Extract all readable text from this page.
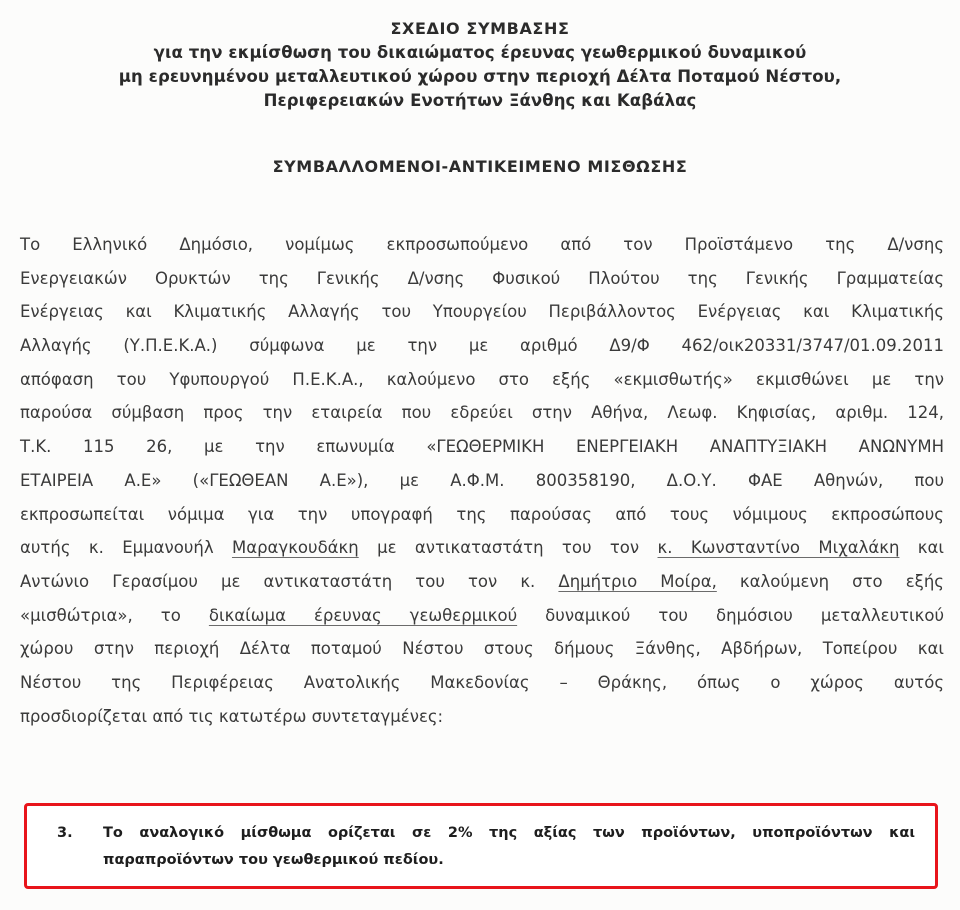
ΣΧΕΔΙΟ ΣΥΜΒΑΣΗΣ
για την εκμίσθωση του δικαιώματος έρευνας γεωθερμικού δυναμικού
μη ερευνημένου μεταλλευτικού χώρου στην περιοχή Δέλτα Ποταμού Νέστου,
Περιφερειακών Ενοτήτων Ξάνθης και Καβάλας
ΣΥΜΒΑΛΛΟΜΕΝΟΙ-ΑΝΤΙΚΕΙΜΕΝΟ ΜΙΣΘΩΣΗΣ
Το Ελληνικό Δημόσιο, νομίμως εκπροσωπούμενο από τον Προϊστάμενο της Δ/νσης
Ενεργειακών Ορυκτών της Γενικής Δ/νσης Φυσικού Πλούτου της Γενικής Γραμματείας
Ενέργειας και Κλιματικής Αλλαγής του Υπουργείου Περιβάλλοντος Ενέργειας και Κλιματικής
Αλλαγής (Υ.Π.Ε.Κ.Α.) σύμφωνα με την με αριθμό Δ9/Φ 462/οικ20331/3747/01.09.2011
απόφαση του Υφυπουργού Π.Ε.Κ.Α., καλούμενο στο εξής «εκμισθωτής» εκμισθώνει με την
παρούσα σύμβαση προς την εταιρεία που εδρεύει στην Αθήνα, Λεωφ. Κηφισίας, αριθμ. 124,
Τ.Κ. 115 26, με την επωνυμία «ΓΕΩΘΕΡΜΙΚΗ ΕΝΕΡΓΕΙΑΚΗ ΑΝΑΠΤΥΞΙΑΚΗ ΑΝΩΝΥΜΗ
ΕΤΑΙΡΕΙΑ Α.Ε» («ΓΕΩΘΕΑΝ Α.Ε»), με Α.Φ.Μ. 800358190, Δ.Ο.Υ. ΦΑΕ Αθηνών, που
εκπροσωπείται νόμιμα για την υπογραφή της παρούσας από τους νόμιμους εκπροσώπους
αυτής κ. Εμμανουήλ Μαραγκουδάκη με αντικαταστάτη του τον κ. Κωνσταντίνο Μιχαλάκη και
Αντώνιο Γερασίμου με αντικαταστάτη του τον κ. Δημήτριο Μοίρα, καλούμενη στο εξής
«μισθώτρια», το δικαίωμα έρευνας γεωθερμικού δυναμικού του δημόσιου μεταλλευτικού
χώρου στην περιοχή Δέλτα ποταμού Νέστου στους δήμους Ξάνθης, Αβδήρων, Τοπείρου και
Νέστου της Περιφέρειας Ανατολικής Μακεδονίας – Θράκης, όπως ο χώρος αυτός
προσδιορίζεται από τις κατωτέρω συντεταγμένες:
3.	Το αναλογικό μίσθωμα ορίζεται σε 2% της αξίας των προϊόντων, υποπροϊόντων και
παραπροϊόντων του γεωθερμικού πεδίου.
